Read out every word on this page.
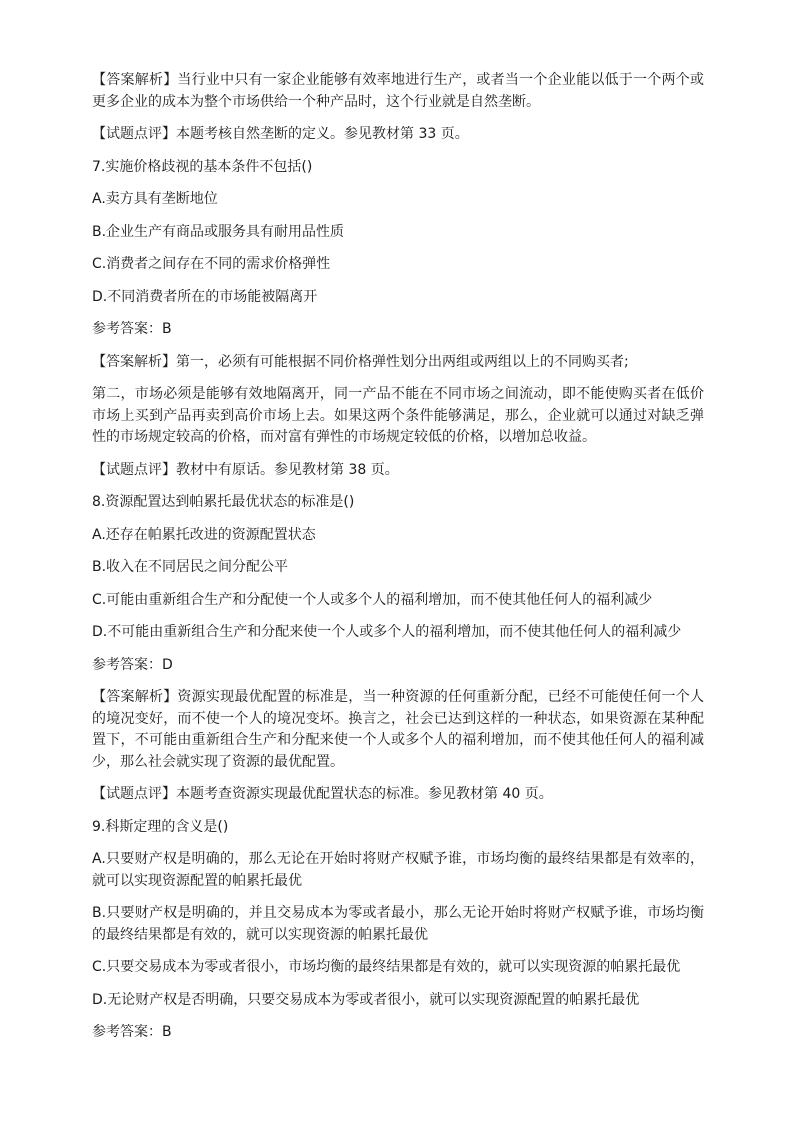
【答案解析】当行业中只有一家企业能够有效率地进行生产，或者当一个企业能以低于一个两个或更多企业的成本为整个市场供给一个种产品时，这个行业就是自然垄断。

【试题点评】本题考核自然垄断的定义。参见教材第 33 页。

7.实施价格歧视的基本条件不包括()

A.卖方具有垄断地位

B.企业生产有商品或服务具有耐用品性质

C.消费者之间存在不同的需求价格弹性

D.不同消费者所在的市场能被隔离开

参考答案：B

【答案解析】第一，必须有可能根据不同价格弹性划分出两组或两组以上的不同购买者;

第二，市场必须是能够有效地隔离开，同一产品不能在不同市场之间流动，即不能使购买者在低价市场上买到产品再卖到高价市场上去。如果这两个条件能够满足，那么，企业就可以通过对缺乏弹性的市场规定较高的价格，而对富有弹性的市场规定较低的价格，以增加总收益。

【试题点评】教材中有原话。参见教材第 38 页。

8.资源配置达到帕累托最优状态的标准是()

A.还存在帕累托改进的资源配置状态

B.收入在不同居民之间分配公平

C.可能由重新组合生产和分配使一个人或多个人的福利增加，而不使其他任何人的福利减少

D.不可能由重新组合生产和分配来使一个人或多个人的福利增加，而不使其他任何人的福利减少

参考答案：D

【答案解析】资源实现最优配置的标准是，当一种资源的任何重新分配，已经不可能使任何一个人的境况变好，而不使一个人的境况变坏。换言之，社会已达到这样的一种状态，如果资源在某种配置下，不可能由重新组合生产和分配来使一个人或多个人的福利增加，而不使其他任何人的福利减少，那么社会就实现了资源的最优配置。

【试题点评】本题考查资源实现最优配置状态的标准。参见教材第 40 页。

9.科斯定理的含义是()

A.只要财产权是明确的，那么无论在开始时将财产权赋予谁，市场均衡的最终结果都是有效率的，就可以实现资源配置的帕累托最优

B.只要财产权是明确的，并且交易成本为零或者最小，那么无论开始时将财产权赋予谁，市场均衡的最终结果都是有效的，就可以实现资源的帕累托最优

C.只要交易成本为零或者很小，市场均衡的最终结果都是有效的，就可以实现资源的帕累托最优

D.无论财产权是否明确，只要交易成本为零或者很小，就可以实现资源配置的帕累托最优

参考答案：B
